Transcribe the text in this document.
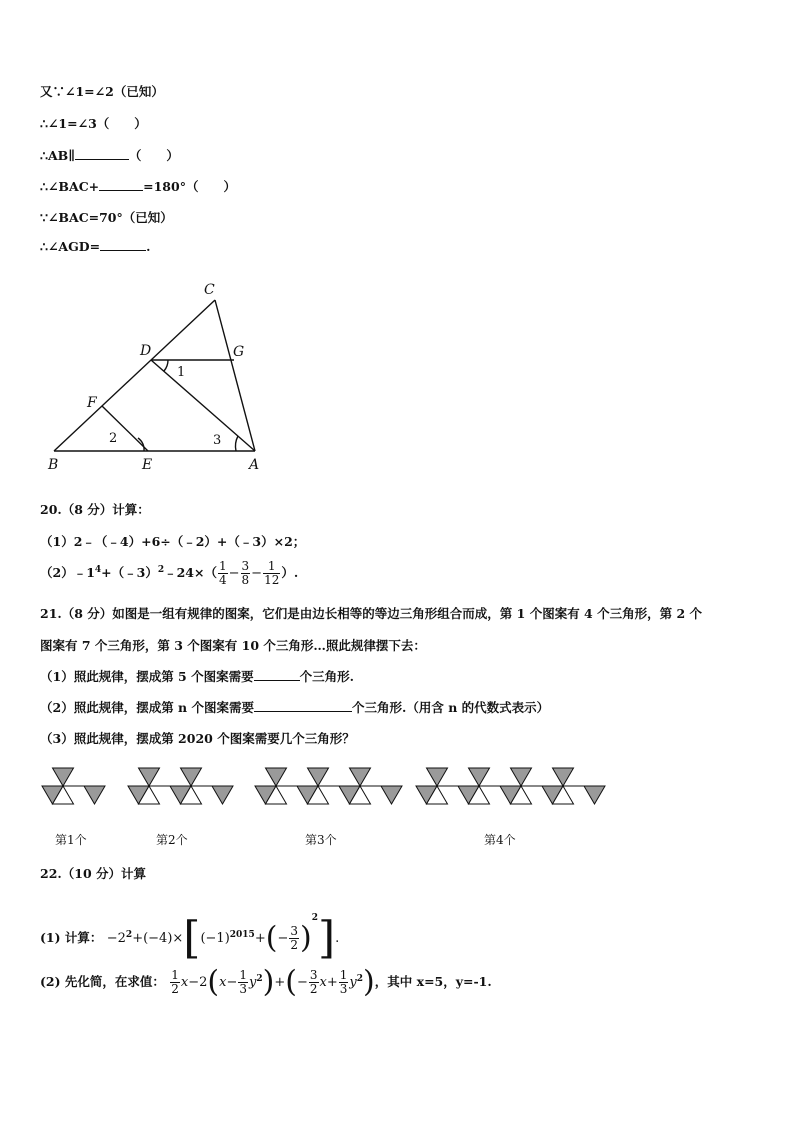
又∵∠1=∠2（已知）
∴∠1=∠3（　　）
∴AB∥	（　　）
∴∠BAC+	=180°（　　）
∵∠BAC=70°（已知）
∴∠AGD=	.
C
D	G
F
B	E	A
1
2	3
20.（8 分）计算：
（1）2﹣（﹣4）+6÷（﹣2）+（﹣3）×2；
$(2)﹣1^4+(﹣3)^2﹣24\times( \frac{1}{4} - \frac{3}{8} - \frac{1}{12}$ ）.
21.（8 分）如图是一组有规律的图案，它们是由边长相等的等边三角形组合而成，第 1 个图案有 4 个三角形，第 2 个
图案有 7 个三角形，第 3 个图案有 10 个三角形…照此规律摆下去：
（1）照此规律，摆成第 5 个图案需要	个三角形.
（2）照此规律，摆成第 n 个图案需要	个三角形.（用含 n 的代数式表示）
（3）照此规律，摆成第 2020 个图案需要几个三角形？
第1个	第2个	第3个	第4个
22.（10 分）计算
(1) 计算： $-2^2+(-4)\times[(-1)^{2015}+(- \frac{3}{2} )^2]$.
(2) 先化简，在求值： $\frac{1}{2} x-2(x- \frac{1}{3} y^2)+(- \frac{3}{2} x+ \frac{1}{3} y^2)$，其中 x=5，y=-1.
